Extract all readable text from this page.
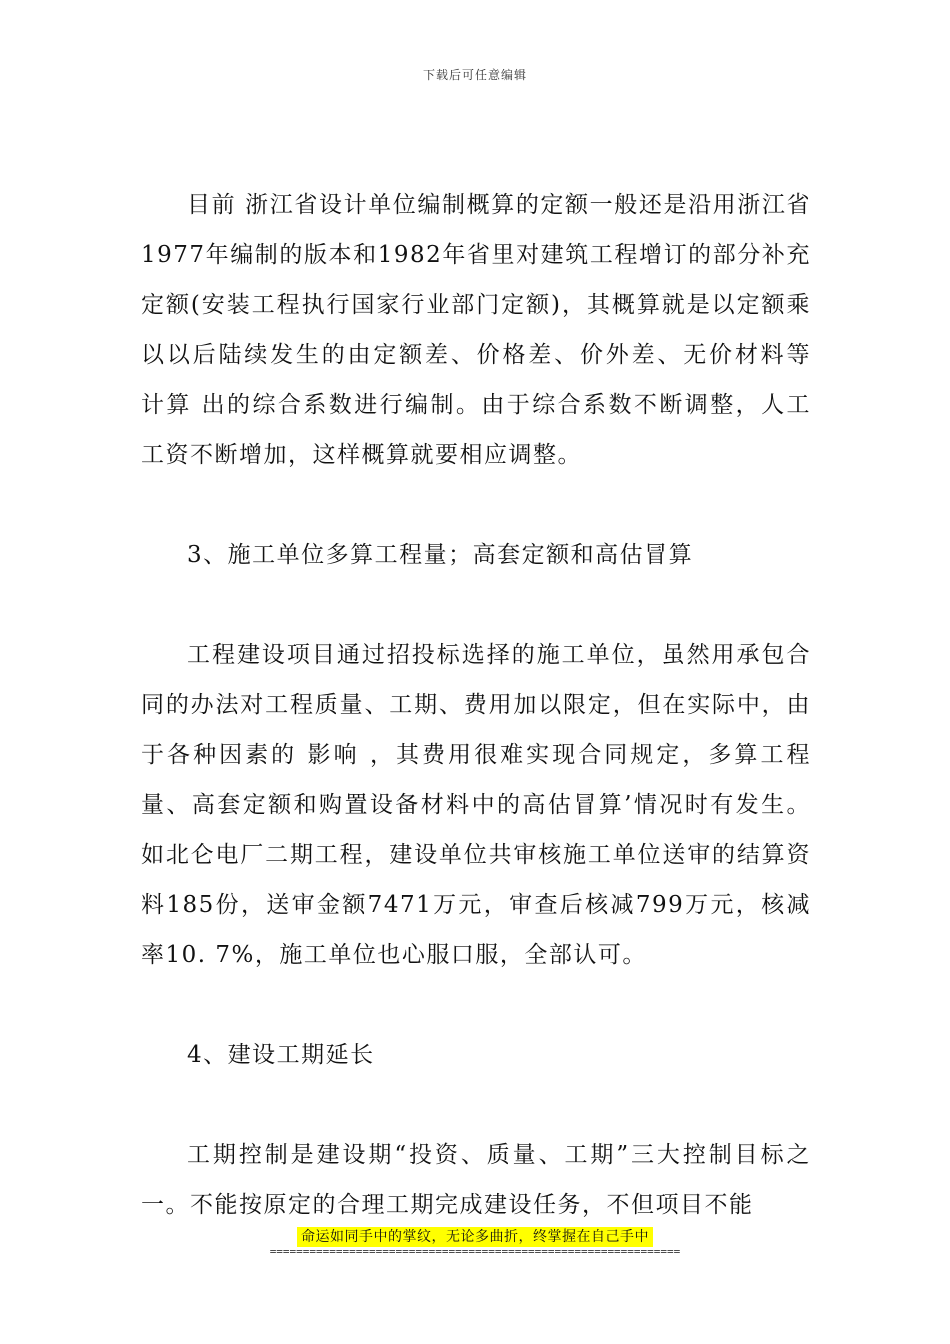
下载后可任意编辑

目前 浙江省设计单位编制概算的定额一般还是沿用浙江省1977年编制的版本和1982年省里对建筑工程增订的部分补充定额(安装工程执行国家行业部门定额)，其概算就是以定额乘以以后陆续发生的由定额差、价格差、价外差、无价材料等 计算 出的综合系数进行编制。由于综合系数不断调整，人工工资不断增加，这样概算就要相应调整。

3、施工单位多算工程量；高套定额和高估冒算

工程建设项目通过招投标选择的施工单位，虽然用承包合同的办法对工程质量、工期、费用加以限定，但在实际中，由于各种因素的 影响 ，其费用很难实现合同规定，多算工程量、高套定额和购置设备材料中的高估冒算’情况时有发生。如北仑电厂二期工程，建设单位共审核施工单位送审的结算资料185份，送审金额7471万元，审查后核减799万元，核减率10. 7%，施工单位也心服口服，全部认可。

4、建设工期延长

工期控制是建设期“投资、质量、工期”三大控制目标之一。不能按原定的合理工期完成建设任务，不但项目不能

命运如同手中的掌纹，无论多曲折，终掌握在自己手中
==============================================================
